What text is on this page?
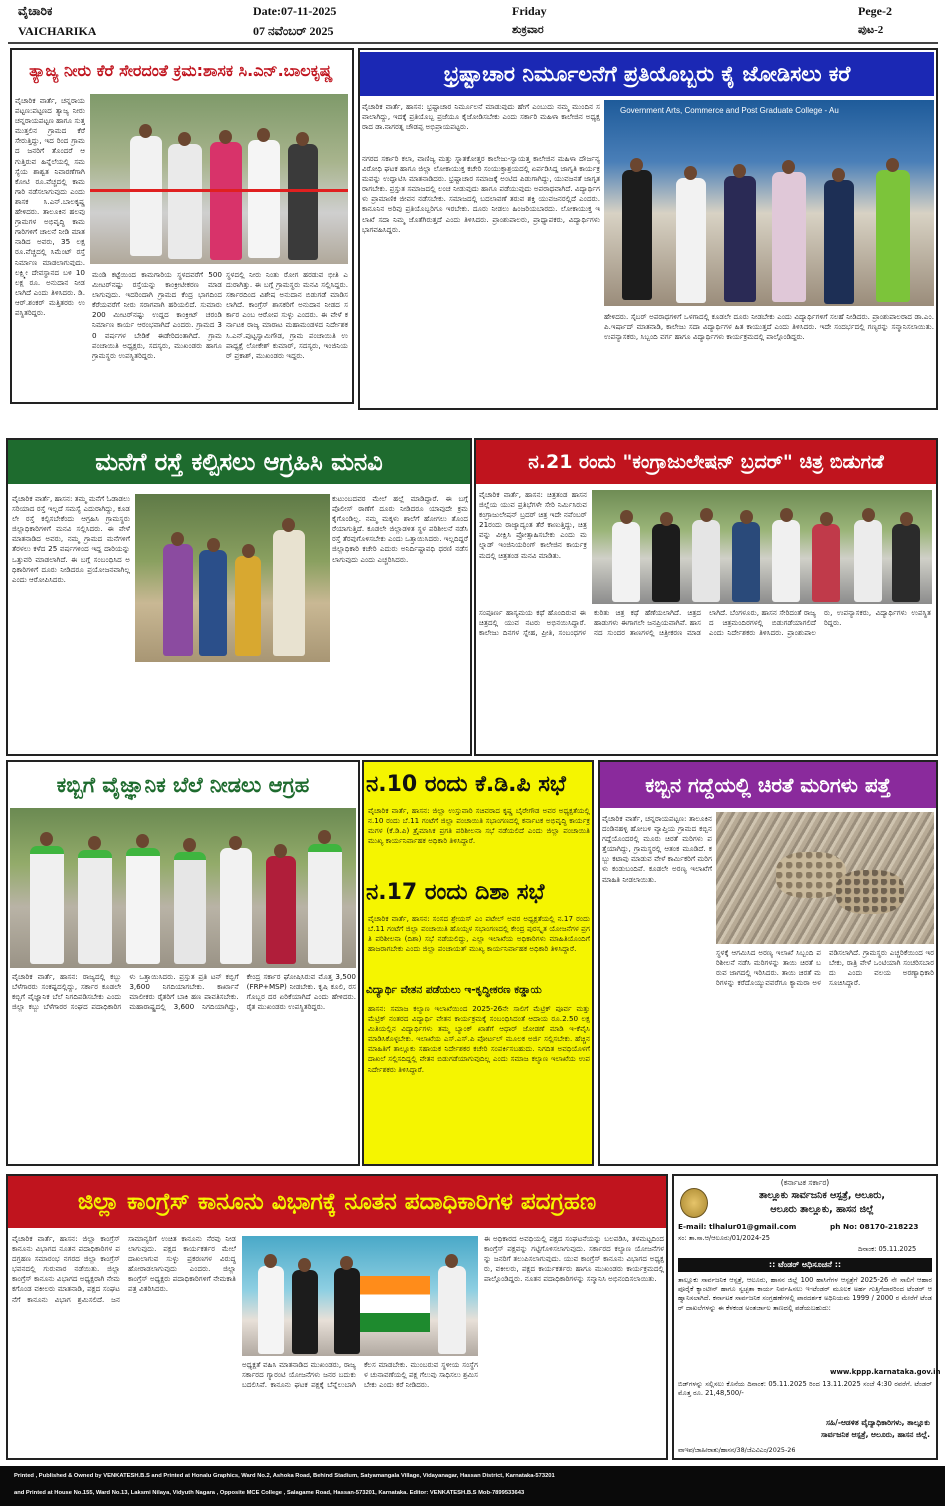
ವೈಚಾರಿಕ
VAICHARIKA
Date:07-11-2025
07 ನವೆಂಬರ್ 2025
Friday
ಶುಕ್ರವಾರ
Pege-2
ಪುಟ-2
ತ್ಯಾಜ್ಯ ನೀರು ಕೆರೆ ಸೇರದಂತೆ ಕ್ರಮ:ಶಾಸಕ ಸಿ.ಎನ್.ಬಾಲಕೃಷ್ಣ
ವೈಚಾರಿಕ ವಾರ್ತೆ, ಚನ್ನರಾಯಪಟ್ಟಣ:ಪಟ್ಟಣದ ತ್ಯಾಜ್ಯ ನೀರು ಚನ್ನರಾಯಪಟ್ಟಣ ಹಾಗೂ ಸುತ್ತಮುತ್ತಲಿನ ಗ್ರಾಮದ ಕೆರೆ ಸೇರುತ್ತಿದ್ದು, ಇದ ರಿಂದ ಗ್ರಾಮದ ಜನರಿಗೆ ತೊಂದರೆ ಆಗುತ್ತಿರುವ ಹಿನ್ನೆಲೆಯಲ್ಲಿ ಸಮಸ್ಯೆಯ ಶಾಶ್ವತ ನಿವಾರಣೆಗಾಗಿ ಕೋಟಿ ರೂ.ವೆಚ್ಚದಲ್ಲಿ ಕಾಮಗಾರಿ ನಡೆಸಲಾಗುವುದು ಎಂದು ಶಾಸಕ ಸಿ.ಎನ್.ಬಾಲಕೃಷ್ಣ ಹೇಳಿದರು. ತಾಲೂಕಿನ ಹಲವು ಗ್ರಾಮಗಳ ಅಭಿವೃದ್ಧಿ ಕಾಮಗಾರಿಗಳಿಗೆ ಚಾಲನೆ ನೀಡಿ ಮಾತನಾಡಿದ ಅವರು, 35 ಲಕ್ಷ ರೂ.ವೆಚ್ಚದಲ್ಲಿ ಸಿಮೆಂಟ್ ರಸ್ತೆ ನಿರ್ಮಾಣ ಮಾಡಲಾಗುವುದು. ಲಕ್ಷ್ಮೀ ದೇವಸ್ಥಾನದ ಬಳಿ 10 ಲಕ್ಷ ರೂ. ಅನುದಾನ ನೀಡಲಾಗಿದೆ ಎಂದು ತಿಳಿಸಿದರು. ಡಿ.ಆರ್.ಶಂಕರ್ ಮತ್ತಿತರರು ಉಪಸ್ಥಿತರಿದ್ದರು.
ಮಂಡಿ ಕಟ್ಟೆಯಿಂದ ಕಾಮಗಾರಿಯ ಸ್ಥಳದವರೆಗೆ 500 ಮೀಟರ್‌ನಷ್ಟು ರಸ್ತೆಯನ್ನು ಕಾಂಕ್ರೀಟೀಕರಣ ಮಾಡಲಾಗುವುದು. ಇದರಿಂದಾಗಿ ಗ್ರಾಮದ ಕೆಂದ್ರ ಭಾಗದಿಂದ ಕೆರೆಯವರೆಗೆ ನೀರು ಸರಾಗವಾಗಿ ಹರಿಯಲಿದೆ. ಸುಮಾರು 200 ಮೀಟರ್‌ನಷ್ಟು ಉದ್ದದ ಕಾಂಕ್ರೀಟ್ ಚರಂಡಿ ನಿರ್ಮಾಣ ಕಾರ್ಯ ಆರಂಭವಾಗಿದೆ ಎಂದರು. ಗ್ರಾಮದ 30 ವರ್ಷಗಳ ಬೇಡಿಕೆ ಈಡೇರಿದಂತಾಗಿದೆ. ಗ್ರಾಮ ಪಂಚಾಯಿತಿ ಅಧ್ಯಕ್ಷರು, ಸದಸ್ಯರು, ಮುಖಂಡರು ಹಾಗೂ ಗ್ರಾಮಸ್ಥರು ಉಪಸ್ಥಿತರಿದ್ದರು.
ಸ್ಥಳದಲ್ಲಿ ನೀರು ನಿಂತು ರೋಗ ಹರಡುವ ಭೀತಿ ಎದುರಾಗಿತ್ತು. ಈ ಬಗ್ಗೆ ಗ್ರಾಮಸ್ಥರು ಮನವಿ ಸಲ್ಲಿಸಿದ್ದರು. ಸರ್ಕಾರದಿಂದ ವಿಶೇಷ ಅನುದಾನ ಬಿಡುಗಡೆ ಮಾಡಿಸಲಾಗಿದೆ. ಕಾಂಗ್ರೆಸ್ ಶಾಸಕರಿಗೆ ಅನುದಾನ ನೀಡದ ಸರ್ಕಾರ ಎಂಬ ಆರೋಪ ಸುಳ್ಳು ಎಂದರು. ಈ ವೇಳೆ ಕರ್ನಾಟಕ ರಾಜ್ಯ ಮಾರಾಟ ಮಹಾಮಂಡಳದ ನಿರ್ದೇಶಕ ಸಿ.ಎನ್.ಪುಟ್ಟಸ್ವಾಮಿಗೌಡ, ಗ್ರಾಮ ಪಂಚಾಯಿತಿ ಉಪಾಧ್ಯಕ್ಷೆ ಲೋಕೇಶ್ ಕುಮಾರ್, ಸದಸ್ಯರು, ಇಂಜಿನಿಯರ್ ಪ್ರಕಾಶ್, ಮುಖಂಡರು ಇದ್ದರು.
ಭ್ರಷ್ಟಾಚಾರ ನಿರ್ಮೂಲನೆಗೆ ಪ್ರತಿಯೊಬ್ಬರು ಕೈ ಜೋಡಿಸಲು ಕರೆ
ವೈಚಾರಿಕ ವಾರ್ತೆ, ಹಾಸನ: ಭ್ರಷ್ಟಾಚಾರ ನಿರ್ಮೂಲನೆ ಮಾಡುವುದು ಹೇಗೆ ಎಂಬುದು ನಮ್ಮ ಮುಂದಿನ ಸವಾಲಾಗಿದ್ದು, ಇದಕ್ಕೆ ಪ್ರತಿಯೊಬ್ಬ ಪ್ರಜೆಯೂ ಕೈಜೋಡಿಸಬೇಕು ಎಂದು ಸರ್ಕಾರಿ ಮಹಿಳಾ ಕಾಲೇಜಿನ ಅಧ್ಯಕ್ಷರಾದ ಡಾ.ನಾಗರತ್ನ ಚೌಡಪ್ಪ ಅಭಿಪ್ರಾಯಪಟ್ಟರು.
ನಗರದ ಸರ್ಕಾರಿ ಕಲಾ, ವಾಣಿಜ್ಯ ಮತ್ತು ಸ್ನಾತಕೋತ್ತರ ಕಾಲೇಜು-ಸ್ವಾಯತ್ತ ಕಾಲೇಜಿನ ಮಹಿಳಾ ದೌರ್ಜನ್ಯ ವಿರೋಧಿ ಘಟಕ ಹಾಗೂ ಜಿಲ್ಲಾ ಲೋಕಾಯುಕ್ತ ಕಚೇರಿ ಸಂಯುಕ್ತಾಶ್ರಯದಲ್ಲಿ ಏರ್ಪಡಿಸಿದ್ದ ಜಾಗೃತಿ ಕಾರ್ಯಕ್ರಮವನ್ನು ಉದ್ಘಾಟಿಸಿ ಮಾತನಾಡಿದರು. ಭ್ರಷ್ಟಾಚಾರ ಸಮಾಜಕ್ಕೆ ಅಂಟಿದ ಪಿಡುಗಾಗಿದ್ದು, ಯುವಜನತೆ ಜಾಗೃತರಾಗಬೇಕು. ಪ್ರಸ್ತುತ ಸಮಾಜದಲ್ಲಿ ಲಂಚ ನೀಡುವುದು ಹಾಗೂ ಪಡೆಯುವುದು ಅಪರಾಧವಾಗಿದೆ. ವಿದ್ಯಾರ್ಥಿಗಳು ಪ್ರಾಮಾಣಿಕ ಜೀವನ ನಡೆಸಬೇಕು. ಸಮಾಜದಲ್ಲಿ ಬದಲಾವಣೆ ತರುವ ಶಕ್ತಿ ಯುವಜನರಲ್ಲಿದೆ ಎಂದರು. ಕಾನೂನಿನ ಅರಿವು ಪ್ರತಿಯೊಬ್ಬರಿಗೂ ಇರಬೇಕು. ದೂರು ನೀಡಲು ಹಿಂಜರಿಯಬಾರದು. ಲೋಕಾಯುಕ್ತ ಇಲಾಖೆ ಸದಾ ನಿಮ್ಮ ಜೊತೆಗಿರುತ್ತದೆ ಎಂದು ತಿಳಿಸಿದರು. ಪ್ರಾಂಶುಪಾಲರು, ಪ್ರಾಧ್ಯಾಪಕರು, ವಿದ್ಯಾರ್ಥಿಗಳು ಭಾಗವಹಿಸಿದ್ದರು.
Government Arts, Commerce and Post Graduate College - Au
ಹೇಳಿದರು. ಸೈಬರ್ ಅಪರಾಧಗಳಿಗೆ ಒಳಗಾದಲ್ಲಿ ಕೂಡಲೇ ದೂರು ನೀಡಬೇಕು ಎಂದು ವಿದ್ಯಾರ್ಥಿಗಳಿಗೆ ಸಲಹೆ ನೀಡಿದರು. ಪ್ರಾಂಶುಪಾಲರಾದ ಡಾ.ಎಂ.ಪಿ.ಇರ್ಷಾದ್ ಮಾತನಾಡಿ, ಕಾಲೇಜು ಸದಾ ವಿದ್ಯಾರ್ಥಿಗಳ ಹಿತ ಕಾಯುತ್ತದೆ ಎಂದು ತಿಳಿಸಿದರು. ಇದೇ ಸಂದರ್ಭದಲ್ಲಿ ಗಣ್ಯರನ್ನು ಸನ್ಮಾನಿಸಲಾಯಿತು. ಉಪನ್ಯಾಸಕರು, ಸಿಬ್ಬಂದಿ ವರ್ಗ ಹಾಗೂ ವಿದ್ಯಾರ್ಥಿಗಳು ಕಾರ್ಯಕ್ರಮದಲ್ಲಿ ಪಾಲ್ಗೊಂಡಿದ್ದರು.
ಮನೆಗೆ ರಸ್ತೆ ಕಲ್ಪಿಸಲು ಆಗ್ರಹಿಸಿ ಮನವಿ
ವೈಚಾರಿಕ ವಾರ್ತೆ, ಹಾಸನ: ತಮ್ಮ ಮನೆಗೆ ಓಡಾಡಲು ಸರಿಯಾದ ರಸ್ತೆ ಇಲ್ಲದೆ ಸಮಸ್ಯೆ ಎದುರಾಗಿದ್ದು, ಕೂಡಲೇ ರಸ್ತೆ ಕಲ್ಪಿಸಬೇಕೆಂದು ಆಗ್ರಹಿಸಿ ಗ್ರಾಮಸ್ಥರು ಜಿಲ್ಲಾಧಿಕಾರಿಗಳಿಗೆ ಮನವಿ ಸಲ್ಲಿಸಿದರು. ಈ ವೇಳೆ ಮಾತನಾಡಿದ ಅವರು, ನಮ್ಮ ಗ್ರಾಮದ ಮನೆಗಳಿಗೆ ತೆರಳಲು ಕಳೆದ 25 ವರ್ಷಗಳಿಂದ ಇದ್ದ ದಾರಿಯನ್ನು ಒತ್ತುವರಿ ಮಾಡಲಾಗಿದೆ. ಈ ಬಗ್ಗೆ ಸಂಬಂಧಿಸಿದ ಅಧಿಕಾರಿಗಳಿಗೆ ದೂರು ನೀಡಿದರೂ ಪ್ರಯೋಜನವಾಗಿಲ್ಲ ಎಂದು ಆರೋಪಿಸಿದರು.
ಕುಟುಂಬದವರ ಮೇಲೆ ಹಲ್ಲೆ ಮಾಡಿದ್ದಾರೆ. ಈ ಬಗ್ಗೆ ಪೊಲೀಸ್ ಠಾಣೆಗೆ ದೂರು ನೀಡಿದರೂ ಯಾವುದೇ ಕ್ರಮ ಕೈಗೊಂಡಿಲ್ಲ. ನಮ್ಮ ಮಕ್ಕಳು ಶಾಲೆಗೆ ಹೋಗಲು ತೊಂದರೆಯಾಗುತ್ತಿದೆ. ಕೂಡಲೇ ಜಿಲ್ಲಾಡಳಿತ ಸ್ಥಳ ಪರಿಶೀಲನೆ ನಡೆಸಿ ರಸ್ತೆ ತೆರವುಗೊಳಿಸಬೇಕು ಎಂದು ಒತ್ತಾಯಿಸಿದರು. ಇಲ್ಲದಿದ್ದರೆ ಜಿಲ್ಲಾಧಿಕಾರಿ ಕಚೇರಿ ಎದುರು ಅನಿರ್ದಿಷ್ಟಾವಧಿ ಧರಣಿ ನಡೆಸಲಾಗುವುದು ಎಂದು ಎಚ್ಚರಿಸಿದರು.
ನ.21 ರಂದು "ಕಂಗ್ರಾಜುಲೇಷನ್ ಬ್ರದರ್" ಚಿತ್ರ ಬಿಡುಗಡೆ
ವೈಚಾರಿಕ ವಾರ್ತೆ, ಹಾಸನ: ಚಿತ್ರತಂಡ ಹಾಸನ ಜಿಲ್ಲೆಯ ಯುವ ಪ್ರತಿಭೆಗಳೇ ಸೇರಿ ನಿರ್ಮಿಸಿರುವ ಕಂಗ್ರಾಜುಲೇಷನ್ ಬ್ರದರ್ ಚಿತ್ರ ಇದೇ ನವೆಂಬರ್ 21ರಂದು ರಾಜ್ಯಾದ್ಯಂತ ತೆರೆ ಕಾಣುತ್ತಿದ್ದು, ಚಿತ್ರವನ್ನು ವೀಕ್ಷಿಸಿ ಪ್ರೋತ್ಸಾಹಿಸಬೇಕು ಎಂದು ಮಲ್ನಾಡ್ ಇಂಜಿನಿಯರಿಂಗ್ ಕಾಲೇಜಿನ ಕಾರ್ಯಕ್ರಮದಲ್ಲಿ ಚಿತ್ರತಂಡ ಮನವಿ ಮಾಡಿತು.
ಸಂಪೂರ್ಣ ಹಾಸ್ಯಮಯ ಕಥೆ ಹೊಂದಿರುವ ಈ ಚಿತ್ರದಲ್ಲಿ ಯುವ ನಟರು ಅಭಿನಯಿಸಿದ್ದಾರೆ. ಕಾಲೇಜು ದಿನಗಳ ಸ್ನೇಹ, ಪ್ರೀತಿ, ಸಂಬಂಧಗಳ ಕುರಿತು ಚಿತ್ರ ಕಥೆ ಹೆಣೆಯಲಾಗಿದೆ. ಚಿತ್ರದ ಹಾಡುಗಳು ಈಗಾಗಲೇ ಜನಪ್ರಿಯವಾಗಿವೆ. ಹಾಸನದ ಸುಂದರ ತಾಣಗಳಲ್ಲಿ ಚಿತ್ರೀಕರಣ ಮಾಡಲಾಗಿದೆ. ಬೆಂಗಳೂರು, ಹಾಸನ ಸೇರಿದಂತೆ ರಾಜ್ಯದ ಚಿತ್ರಮಂದಿರಗಳಲ್ಲಿ ಬಿಡುಗಡೆಯಾಗಲಿದೆ ಎಂದು ನಿರ್ದೇಶಕರು ತಿಳಿಸಿದರು. ಪ್ರಾಂಶುಪಾಲರು, ಉಪನ್ಯಾಸಕರು, ವಿದ್ಯಾರ್ಥಿಗಳು ಉಪಸ್ಥಿತರಿದ್ದರು.
ಕಬ್ಬಿಗೆ ವೈಜ್ಞಾನಿಕ ಬೆಲೆ ನೀಡಲು ಆಗ್ರಹ
ವೈಚಾರಿಕ ವಾರ್ತೆ, ಹಾಸನ: ರಾಜ್ಯದಲ್ಲಿ ಕಬ್ಬು ಬೆಳೆಗಾರರು ಸಂಕಷ್ಟದಲ್ಲಿದ್ದು, ಸರ್ಕಾರ ಕೂಡಲೇ ಕಬ್ಬಿಗೆ ವೈಜ್ಞಾನಿಕ ಬೆಲೆ ನಿಗದಿಪಡಿಸಬೇಕು ಎಂದು ಜಿಲ್ಲಾ ಕಬ್ಬು ಬೆಳೆಗಾರರ ಸಂಘದ ಪದಾಧಿಕಾರಿಗಳು ಒತ್ತಾಯಿಸಿದರು. ಪ್ರಸ್ತುತ ಪ್ರತಿ ಟನ್ ಕಬ್ಬಿಗೆ 3,600 ನಿಗದಿಯಾಗಬೇಕು. ಕಾರ್ಖಾನೆ ಮಾಲೀಕರು ರೈತರಿಗೆ ಬಾಕಿ ಹಣ ಪಾವತಿಸಬೇಕು. ಮಹಾರಾಷ್ಟ್ರದಲ್ಲಿ 3,600 ನಿಗದಿಯಾಗಿದ್ದು, ಕೇಂದ್ರ ಸರ್ಕಾರ ಘೋಷಿಸಿರುವ ಮೊತ್ತ 3,500 (FRP+MSP) ನೀಡಬೇಕು. ಕೃಷಿ ಕೂಲಿ, ರಸಗೊಬ್ಬರ ದರ ಏರಿಕೆಯಾಗಿದೆ ಎಂದು ಹೇಳಿದರು. ರೈತ ಮುಖಂಡರು ಉಪಸ್ಥಿತರಿದ್ದರು.
ನ.10 ರಂದು ಕೆ.ಡಿ.ಪಿ ಸಭೆ
ವೈಚಾರಿಕ ವಾರ್ತೆ, ಹಾಸನ: ಜಿಲ್ಲಾ ಉಸ್ತುವಾರಿ ಸಚಿವರಾದ ಕೃಷ್ಣ ಬೈರೇಗೌಡ ಅವರ ಅಧ್ಯಕ್ಷತೆಯಲ್ಲಿ ನ.10 ರಂದು ಬೆ.11 ಗಂಟೆಗೆ ಜಿಲ್ಲಾ ಪಂಚಾಯಿತಿ ಸಭಾಂಗಣದಲ್ಲಿ ಕರ್ನಾಟಕ ಅಭಿವೃದ್ಧಿ ಕಾರ್ಯಕ್ರಮಗಳ (ಕೆ.ಡಿ.ಪಿ) ತ್ರೈಮಾಸಿಕ ಪ್ರಗತಿ ಪರಿಶೀಲನಾ ಸಭೆ ನಡೆಯಲಿದೆ ಎಂದು ಜಿಲ್ಲಾ ಪಂಚಾಯಿತಿ ಮುಖ್ಯ ಕಾರ್ಯನಿರ್ವಾಹಕ ಅಧಿಕಾರಿ ತಿಳಿಸಿದ್ದಾರೆ.
ನ.17 ರಂದು ದಿಶಾ ಸಭೆ
ವೈಚಾರಿಕ ವಾರ್ತೆ, ಹಾಸನ: ಸಂಸದ ಶ್ರೇಯಸ್ ಎಂ ಪಟೇಲ್ ಅವರ ಅಧ್ಯಕ್ಷತೆಯಲ್ಲಿ ನ.17 ರಂದು ಬೆ.11 ಗಂಟೆಗೆ ಜಿಲ್ಲಾ ಪಂಚಾಯಿತಿ ಹೊಯ್ಸಳ ಸಭಾಂಗಣದಲ್ಲಿ ಕೇಂದ್ರ ಪುರಸ್ಕೃತ ಯೋಜನೆಗಳ ಪ್ರಗತಿ ಪರಿಶೀಲನಾ (ದಿಶಾ) ಸಭೆ ನಡೆಯಲಿದ್ದು, ಎಲ್ಲಾ ಇಲಾಖೆಯ ಅಧಿಕಾರಿಗಳು ಮಾಹಿತಿಯೊಂದಿಗೆ ಹಾಜರಾಗಬೇಕು ಎಂದು ಜಿಲ್ಲಾ ಪಂಚಾಯತ್ ಮುಖ್ಯ ಕಾರ್ಯನಿರ್ವಾಹಕ ಅಧಿಕಾರಿ ತಿಳಿಸಿದ್ದಾರೆ.
ವಿದ್ಯಾರ್ಥಿ ವೇತನ ಪಡೆಯಲು ಇ-ಕೃದ್ಧೀಕರಣ ಕಡ್ಡಾಯ
ಹಾಸನ: ಸಮಾಜ ಕಲ್ಯಾಣ ಇಲಾಖೆಯಿಂದ 2025-26ನೇ ಸಾಲಿಗೆ ಮೆಟ್ರಿಕ್ ಪೂರ್ವ ಮತ್ತು ಮೆಟ್ರಿಕ್ ನಂತರದ ವಿದ್ಯಾರ್ಥಿ ವೇತನ ಕಾರ್ಯಕ್ರಮಕ್ಕೆ ಸಂಬಂಧಿಸಿದಂತೆ ಆದಾಯ ರೂ.2.50 ಲಕ್ಷ ಮಿತಿಯಲ್ಲಿನ ವಿದ್ಯಾರ್ಥಿಗಳು ತಮ್ಮ ಬ್ಯಾಂಕ್ ಖಾತೆಗೆ ಆಧಾರ್ ಜೋಡಣೆ ಮಾಡಿ ಇ-ಕೆವೈಸಿ ಮಾಡಿಸಿಕೊಳ್ಳಬೇಕು. ಇಲಾಖೆಯ ಎಸ್.ಎಸ್.ಪಿ ಪೋರ್ಟಲ್ ಮೂಲಕ ಅರ್ಜಿ ಸಲ್ಲಿಸಬೇಕು. ಹೆಚ್ಚಿನ ಮಾಹಿತಿಗೆ ತಾಲ್ಲೂಕು ಸಹಾಯಕ ನಿರ್ದೇಶಕರ ಕಚೇರಿ ಸಂಪರ್ಕಿಸಬಹುದು. ನಿಗದಿತ ಅವಧಿಯೊಳಗೆ ದಾಖಲೆ ಸಲ್ಲಿಸದಿದ್ದಲ್ಲಿ ವೇತನ ಬಿಡುಗಡೆಯಾಗುವುದಿಲ್ಲ ಎಂದು ಸಮಾಜ ಕಲ್ಯಾಣ ಇಲಾಖೆಯ ಉಪನಿರ್ದೇಶಕರು ತಿಳಿಸಿದ್ದಾರೆ.
ಕಬ್ಬಿನ ಗದ್ದೆಯಲ್ಲಿ ಚಿರತೆ ಮರಿಗಳು ಪತ್ತೆ
ವೈಚಾರಿಕ ವಾರ್ತೆ, ಚನ್ನರಾಯಪಟ್ಟಣ: ತಾಲೂಕಿನ ದಂಡಿನಹಳ್ಳಿ ಹೋಬಳಿ ವ್ಯಾಪ್ತಿಯ ಗ್ರಾಮದ ಕಬ್ಬಿನ ಗದ್ದೆಯೊಂದರಲ್ಲಿ ಮೂರು ಚಿರತೆ ಮರಿಗಳು ಪತ್ತೆಯಾಗಿದ್ದು, ಗ್ರಾಮಸ್ಥರಲ್ಲಿ ಆತಂಕ ಮೂಡಿದೆ. ಕಬ್ಬು ಕಟಾವು ಮಾಡುವ ವೇಳೆ ಕಾರ್ಮಿಕರಿಗೆ ಮರಿಗಳು ಕಂಡುಬಂದಿವೆ. ಕೂಡಲೇ ಅರಣ್ಯ ಇಲಾಖೆಗೆ ಮಾಹಿತಿ ನೀಡಲಾಯಿತು.
ಸ್ಥಳಕ್ಕೆ ಆಗಮಿಸಿದ ಅರಣ್ಯ ಇಲಾಖೆ ಸಿಬ್ಬಂದಿ ಪರಿಶೀಲನೆ ನಡೆಸಿ ಮರಿಗಳನ್ನು ತಾಯಿ ಚಿರತೆ ಬರುವ ಜಾಗದಲ್ಲಿ ಇರಿಸಿದರು. ತಾಯಿ ಚಿರತೆ ಮರಿಗಳನ್ನು ಕರೆದೊಯ್ಯುವವರೆಗೂ ಕ್ಯಾಮರಾ ಅಳವಡಿಸಲಾಗಿದೆ. ಗ್ರಾಮಸ್ಥರು ಎಚ್ಚರಿಕೆಯಿಂದ ಇರಬೇಕು, ರಾತ್ರಿ ವೇಳೆ ಒಂಟಿಯಾಗಿ ಸಂಚರಿಸಬಾರದು ಎಂದು ವಲಯ ಅರಣ್ಯಾಧಿಕಾರಿ ಸೂಚಿಸಿದ್ದಾರೆ.
ಜಿಲ್ಲಾ ಕಾಂಗ್ರೆಸ್ ಕಾನೂನು ವಿಭಾಗಕ್ಕೆ ನೂತನ ಪದಾಧಿಕಾರಿಗಳ ಪದಗ್ರಹಣ
ವೈಚಾರಿಕ ವಾರ್ತೆ, ಹಾಸನ: ಜಿಲ್ಲಾ ಕಾಂಗ್ರೆಸ್ ಕಾನೂನು ವಿಭಾಗದ ನೂತನ ಪದಾಧಿಕಾರಿಗಳ ಪದಗ್ರಹಣ ಸಮಾರಂಭ ನಗರದ ಜಿಲ್ಲಾ ಕಾಂಗ್ರೆಸ್ ಭವನದಲ್ಲಿ ಗುರುವಾರ ನಡೆಯಿತು. ಜಿಲ್ಲಾ ಕಾಂಗ್ರೆಸ್ ಕಾನೂನು ವಿಭಾಗದ ಅಧ್ಯಕ್ಷರಾಗಿ ನೇಮಕಗೊಂಡ ವಕೀಲರು ಮಾತನಾಡಿ, ಪಕ್ಷದ ಸಂಘಟನೆಗೆ ಕಾನೂನು ವಿಭಾಗ ಶ್ರಮಿಸಲಿದೆ. ಜನಸಾಮಾನ್ಯರಿಗೆ ಉಚಿತ ಕಾನೂನು ನೆರವು ನೀಡಲಾಗುವುದು. ಪಕ್ಷದ ಕಾರ್ಯಕರ್ತರ ಮೇಲೆ ದಾಖಲಾಗುವ ಸುಳ್ಳು ಪ್ರಕರಣಗಳ ವಿರುದ್ಧ ಹೋರಾಡಲಾಗುವುದು ಎಂದರು. ಜಿಲ್ಲಾ ಕಾಂಗ್ರೆಸ್ ಅಧ್ಯಕ್ಷರು ಪದಾಧಿಕಾರಿಗಳಿಗೆ ನೇಮಕಾತಿ ಪತ್ರ ವಿತರಿಸಿದರು.
ಅಧ್ಯಕ್ಷತೆ ವಹಿಸಿ ಮಾತನಾಡಿದ ಮುಖಂಡರು, ರಾಜ್ಯ ಸರ್ಕಾರದ ಗ್ಯಾರಂಟಿ ಯೋಜನೆಗಳು ಜನರ ಬದುಕು ಬದಲಿಸಿವೆ. ಕಾನೂನು ಘಟಕ ಪಕ್ಷಕ್ಕೆ ಬೆನ್ನೆಲುಬಾಗಿ ಕೆಲಸ ಮಾಡಬೇಕು. ಮುಂಬರುವ ಸ್ಥಳೀಯ ಸಂಸ್ಥೆಗಳ ಚುನಾವಣೆಯಲ್ಲಿ ಪಕ್ಷ ಗೆಲುವು ಸಾಧಿಸಲು ಶ್ರಮಿಸಬೇಕು ಎಂದು ಕರೆ ನೀಡಿದರು.
ಈ ಅಧಿಕಾರದ ಅವಧಿಯಲ್ಲಿ ಪಕ್ಷದ ಸಂಘಟನೆಯನ್ನು ಬಲಪಡಿಸಿ, ತಳಮಟ್ಟದಿಂದ ಕಾಂಗ್ರೆಸ್ ಪಕ್ಷವನ್ನು ಗಟ್ಟಿಗೊಳಿಸಲಾಗುವುದು. ಸರ್ಕಾರದ ಕಲ್ಯಾಣ ಯೋಜನೆಗಳನ್ನು ಜನರಿಗೆ ತಲುಪಿಸಲಾಗುವುದು. ಯುವ ಕಾಂಗ್ರೆಸ್ ಕಾನೂನು ವಿಭಾಗದ ಅಧ್ಯಕ್ಷರು, ವಕೀಲರು, ಪಕ್ಷದ ಕಾರ್ಯಕರ್ತರು ಹಾಗೂ ಮುಖಂಡರು ಕಾರ್ಯಕ್ರಮದಲ್ಲಿ ಪಾಲ್ಗೊಂಡಿದ್ದರು. ನೂತನ ಪದಾಧಿಕಾರಿಗಳನ್ನು ಸನ್ಮಾನಿಸಿ ಅಭಿನಂದಿಸಲಾಯಿತು.
(ಕರ್ನಾಟಕ ಸರ್ಕಾರ)
ತಾಲ್ಲೂಕು ಸಾರ್ವಜನಿಕ ಆಸ್ಪತ್ರೆ, ಆಲೂರು,
ಆಲೂರು ತಾಲ್ಲೂಕು, ಹಾಸನ ಜಿಲ್ಲೆ
E-mail: tlhalur01@gmail.com	ph No: 08170-218223
ಸಂ: ತಾ.ಸಾ.ಆ/ಆಲೂರು/01/2024-25
ದಿನಾಂಕ: 05.11.2025
:: ಟೆಂಡರ್ ಅಧಿಸೂಚನೆ ::
ತಾಲ್ಲೂಕು ಸಾರ್ವಜನಿಕ ಆಸ್ಪತ್ರೆ, ಆಲೂರು, ಹಾಸನ ಜಿಲ್ಲೆ 100 ಹಾಸಿಗೆಗಳ ಆಸ್ಪತ್ರೆಗೆ 2025-26 ನೇ ಸಾಲಿಗೆ ಆಹಾರ ಪೂರೈಕೆ ಕ್ಯಾಂಟೀನ್ ಹಾಗೂ ಸ್ವಚ್ಛತಾ ಕಾರ್ಯ ನಿರ್ವಹಿಸಲು ಇ-ಟೆಂಡರ್ ಮೂಲಕ ಅರ್ಹ ಗುತ್ತಿಗೆದಾರರಿಂದ ಟೆಂಡರ್ ಆಹ್ವಾನಿಸಲಾಗಿದೆ. ಕರ್ನಾಟಕ ಸಾರ್ವಜನಿಕ ಸಂಗ್ರಹಣೆಗಳಲ್ಲಿ ಪಾರದರ್ಶಕ ಅಧಿನಿಯಮ 1999 / 2000 ರ ಮೇರೆಗೆ ಟೆಂಡರ್ ದಾಖಲೆಗಳನ್ನು ಈ ಕೆಳಕಂಡ ಅಂತರ್ಜಾಲ ತಾಣದಲ್ಲಿ ಪಡೆಯಬಹುದು:
www.kppp.karnataka.gov.in
ಬಿಡ್‌ಗಳನ್ನು ಸಲ್ಲಿಸಲು ಕೊನೆಯ ದಿನಾಂಕ: 05.11.2025 ರಿಂದ 13.11.2025 ಸಂಜೆ 4:30 ರವರೆಗೆ. ಟೆಂಡರ್ ಮೊತ್ತ ರೂ. 21,48,500/-
ಸಹಿ/-ಆಡಳಿತ ವೈದ್ಯಾಧಿಕಾರಿಗಳು, ತಾಲ್ಲೂಕು
ಸಾರ್ವಜನಿಕ ಆಸ್ಪತ್ರೆ, ಆಲೂರು, ಹಾಸನ ಜಿಲ್ಲೆ.
ವಾಇಪ/ಜಾಹೀರಾತು/ಹಾಸನ/38/ಜೆಎವಿಎಂ/2025-26
Printed , Published & Owned by VENKATESH.B.S and Printed at Honalu Graphics, Ward No.2, Ashoka Road, Behind Stadium, Satyamangala Village, Vidayanagar, Hassan District, Karnataka-573201
and Printed at House No.155, Ward No.13, Laksmi Nilaya, Vidyuth Nagara , Opposite MCE College , Salagame Road, Hassan-573201, Karnataka. Editor: VENKATESH.B.S Mob-7899533643
